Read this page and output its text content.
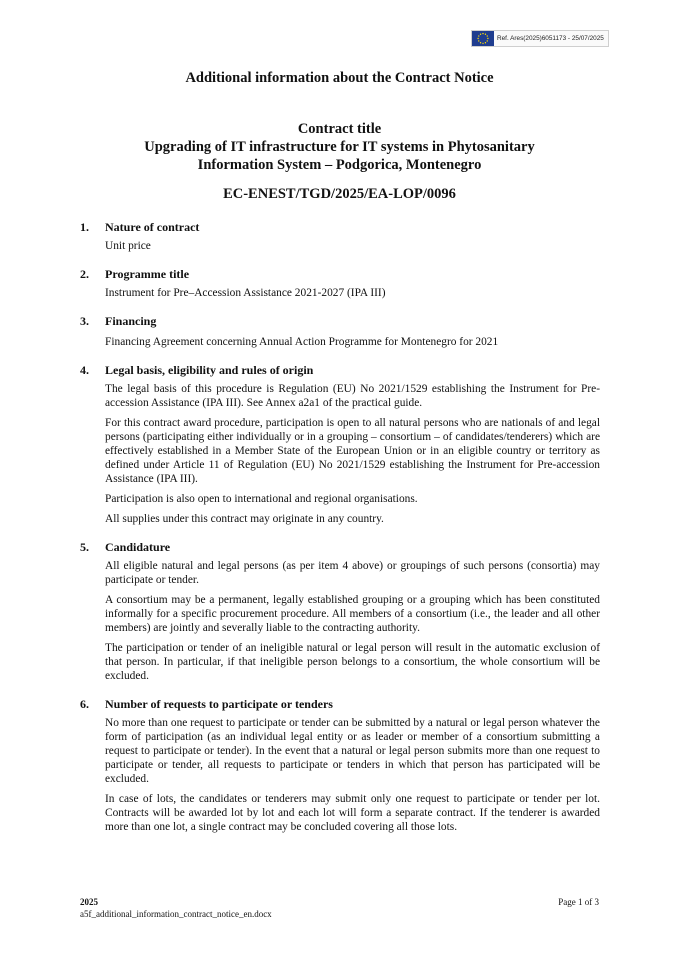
Ref. Ares(2025)6051173 - 25/07/2025
Additional information about the Contract Notice
Contract title
Upgrading of IT infrastructure for IT systems in Phytosanitary
Information System – Podgorica, Montenegro
EC-ENEST/TGD/2025/EA-LOP/0096
1.	Nature of contract

Unit price

2.	Programme title

Instrument for Pre–Accession Assistance 2021-2027 (IPA III)

3.	Financing

Financing Agreement concerning Annual Action Programme for Montenegro for 2021

4.	Legal basis, eligibility and rules of origin

The legal basis of this procedure is Regulation (EU) No 2021/1529 establishing the Instrument for Pre-accession Assistance (IPA III). See Annex a2a1 of the practical guide.

For this contract award procedure, participation is open to all natural persons who are nationals of and legal persons (participating either individually or in a grouping – consortium – of candidates/tenderers) which are effectively established in a Member State of the European Union or in an eligible country or territory as defined under Article 11 of Regulation (EU) No 2021/1529 establishing the Instrument for Pre-accession Assistance (IPA III).

Participation is also open to international and regional organisations.

All supplies under this contract may originate in any country.

5.	Candidature

All eligible natural and legal persons (as per item 4 above) or groupings of such persons (consortia) may participate or tender.

A consortium may be a permanent, legally established grouping or a grouping which has been constituted informally for a specific procurement procedure. All members of a consortium (i.e., the leader and all other members) are jointly and severally liable to the contracting authority.

The participation or tender of an ineligible natural or legal person will result in the automatic exclusion of that person. In particular, if that ineligible person belongs to a consortium, the whole consortium will be excluded.

6.	Number of requests to participate or tenders

No more than one request to participate or tender can be submitted by a natural or legal person whatever the form of participation (as an individual legal entity or as leader or member of a consortium submitting a request to participate or tender). In the event that a natural or legal person submits more than one request to participate or tender, all requests to participate or tenders in which that person has participated will be excluded.

In case of lots, the candidates or tenderers may submit only one request to participate or tender per lot. Contracts will be awarded lot by lot and each lot will form a separate contract. If the tenderer is awarded more than one lot, a single contract may be concluded covering all those lots.

2025
a5f_additional_information_contract_notice_en.docx
Page 1 of 3
